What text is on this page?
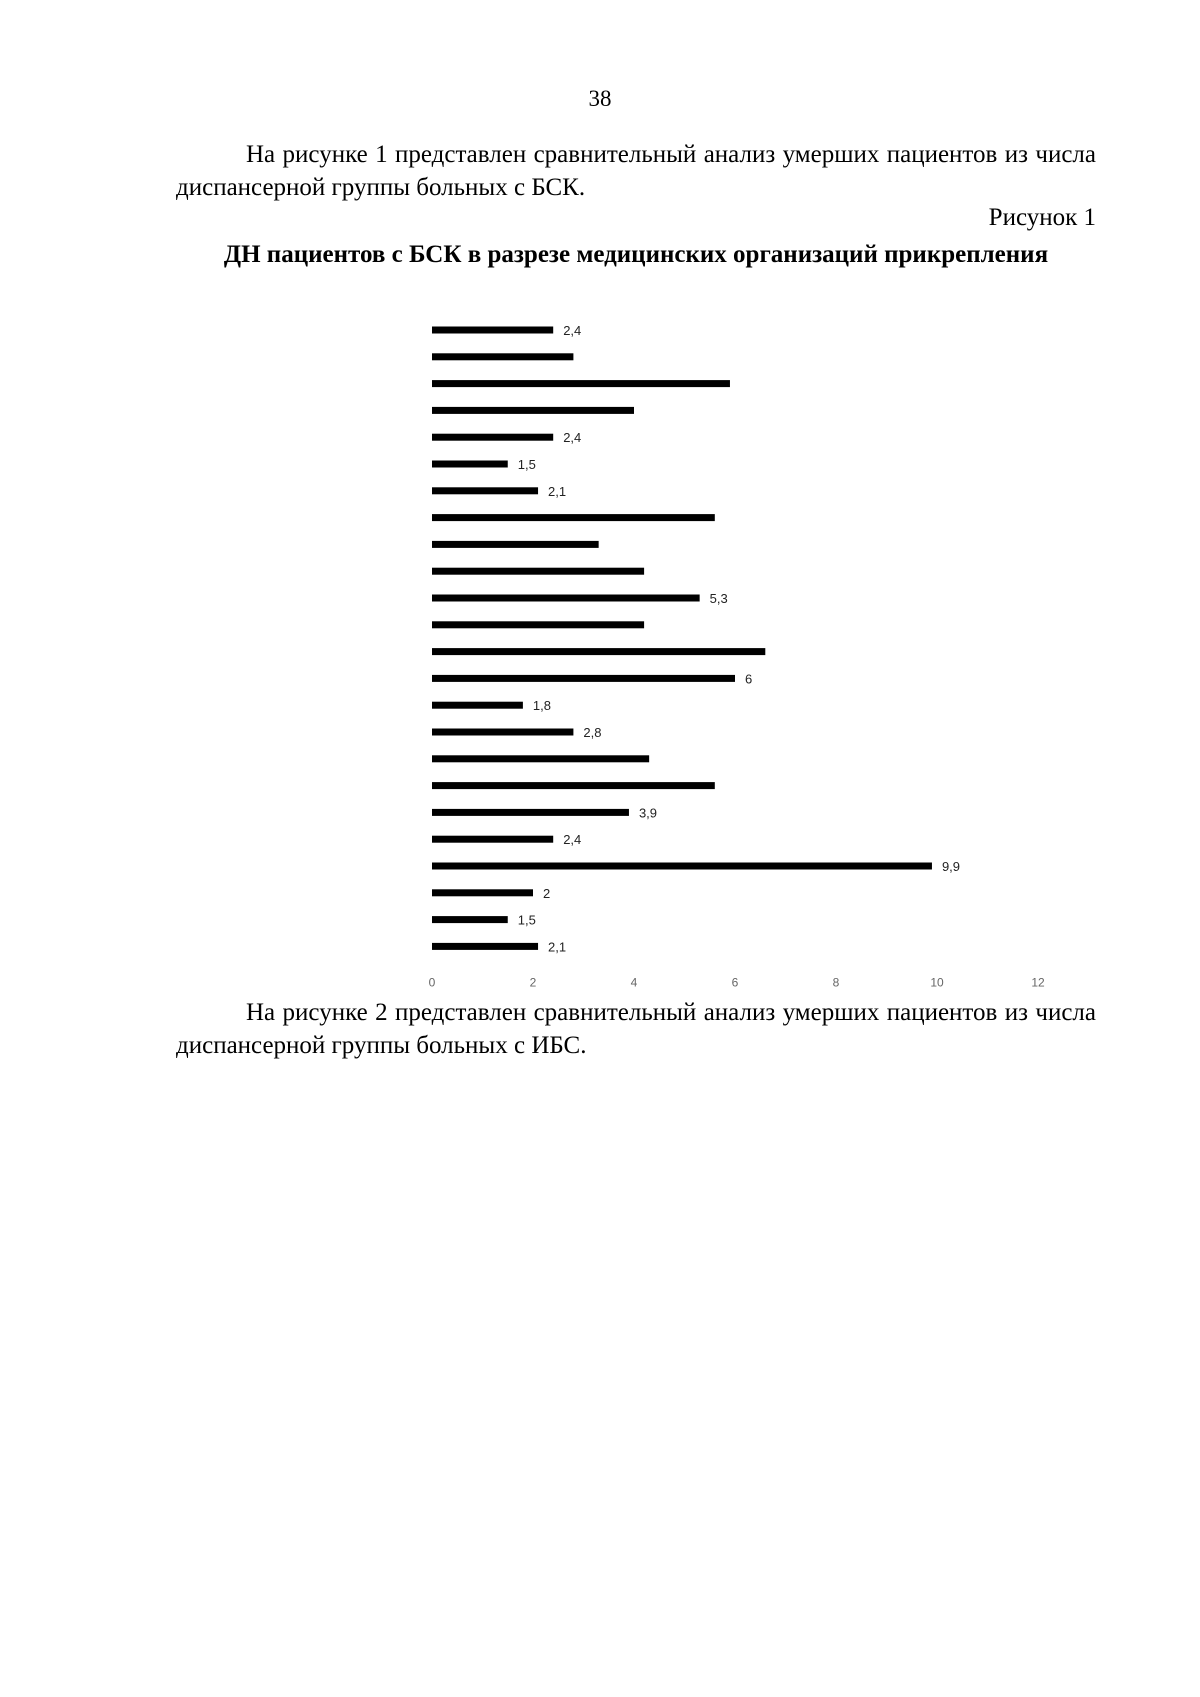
38

На рисунке 1 представлен сравнительный анализ умерших пациентов из числа диспансерной группы больных с БСК.

Рисунок 1

ДН пациентов с БСК в разрезе медицинских организаций прикрепления

2,4
2,4
1,5
2,1
5,3
6
1,8
2,8
3,9
2,4
9,9
2
1,5
2,1
0	2	4	6	8	10	12

На рисунке 2 представлен сравнительный анализ умерших пациентов из числа диспансерной группы больных с ИБС.
